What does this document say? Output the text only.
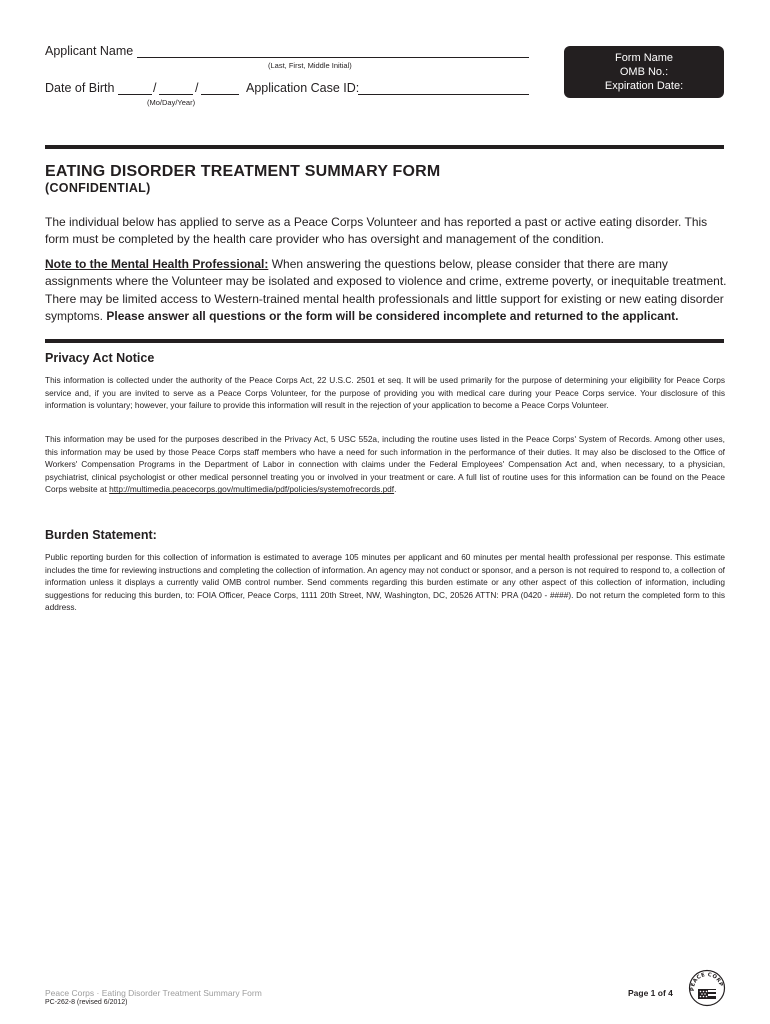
Applicant Name
(Last, First, Middle Initial)
Date of Birth	/	/
(Mo/Day/Year)
Application Case ID:
Form Name
OMB No.:
Expiration Date:
EATING DISORDER TREATMENT SUMMARY FORM
(CONFIDENTIAL)
The individual below has applied to serve as a Peace Corps Volunteer and has reported a past or active eating disorder. This form must be completed by the health care provider who has oversight and management of the condition.
Note to the Mental Health Professional: When answering the questions below, please consider that there are many assignments where the Volunteer may be isolated and exposed to violence and crime, extreme poverty, or inequitable treatment. There may be limited access to Western-trained mental health professionals and little support for existing or new eating disorder symptoms. Please answer all questions or the form will be considered incomplete and returned to the applicant.
Privacy Act Notice
This information is collected under the authority of the Peace Corps Act, 22 U.S.C. 2501 et seq. It will be used primarily for the purpose of determining your eligibility for Peace Corps service and, if you are invited to serve as a Peace Corps Volunteer, for the purpose of providing you with medical care during your Peace Corps service. Your disclosure of this information is voluntary; however, your failure to provide this information will result in the rejection of your application to become a Peace Corps Volunteer.
This information may be used for the purposes described in the Privacy Act, 5 USC 552a, including the routine uses listed in the Peace Corps' System of Records. Among other uses, this information may be used by those Peace Corps staff members who have a need for such information in the performance of their duties. It may also be disclosed to the Office of Workers' Compensation Programs in the Department of Labor in connection with claims under the Federal Employees' Compensation Act and, when necessary, to a physician, psychiatrist, clinical psychologist or other medical personnel treating you or involved in your treatment or care. A full list of routine uses for this information can be found on the Peace Corps website at http://multimedia.peacecorps.gov/multimedia/pdf/policies/systemofrecords.pdf.
Burden Statement:
Public reporting burden for this collection of information is estimated to average 105 minutes per applicant and 60 minutes per mental health professional per response. This estimate includes the time for reviewing instructions and completing the collection of information. An agency may not conduct or sponsor, and a person is not required to respond to, a collection of information unless it displays a currently valid OMB control number. Send comments regarding this burden estimate or any other aspect of this collection of information, including suggestions for reducing this burden, to: FOIA Officer, Peace Corps, 1111 20th Street, NW, Washington, DC, 20526 ATTN: PRA (0420 - ####). Do not return the completed form to this address.
Peace Corps · Eating Disorder Treatment Summary Form
PC-262-8 (revised 6/2012)
Page 1 of 4	PEACE CORP
